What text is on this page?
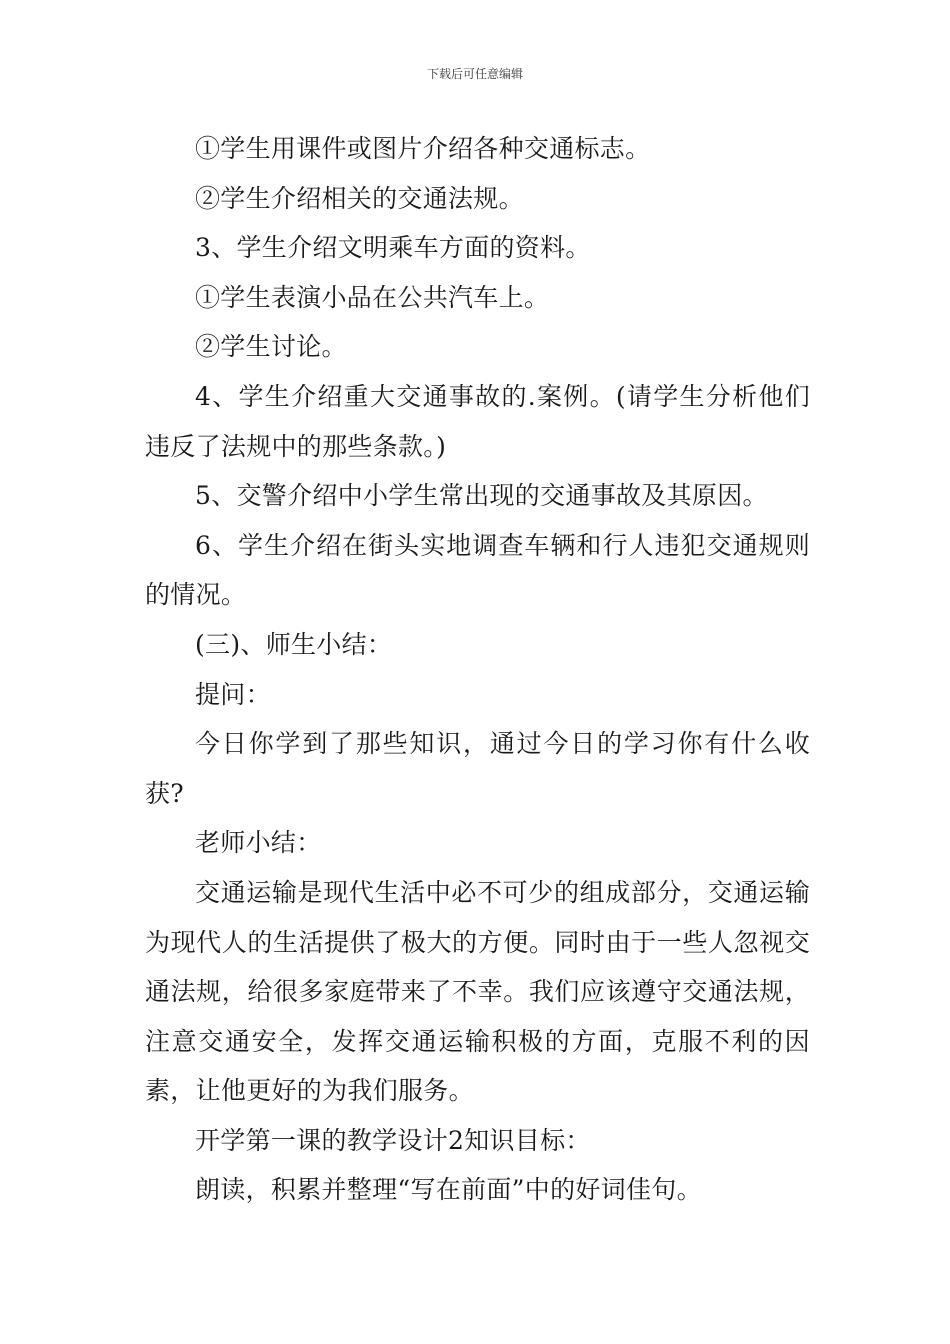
下载后可任意编辑

①学生用课件或图片介绍各种交通标志。

②学生介绍相关的交通法规。

3、学生介绍文明乘车方面的资料。

①学生表演小品在公共汽车上。

②学生讨论。

4、学生介绍重大交通事故的.案例。(请学生分析他们违反了法规中的那些条款。)

5、交警介绍中小学生常出现的交通事故及其原因。

6、学生介绍在街头实地调查车辆和行人违犯交通规则的情况。

(三)、师生小结：

提问：

今日你学到了那些知识，通过今日的学习你有什么收获?

老师小结：

交通运输是现代生活中必不可少的组成部分，交通运输为现代人的生活提供了极大的方便。同时由于一些人忽视交通法规，给很多家庭带来了不幸。我们应该遵守交通法规，注意交通安全，发挥交通运输积极的方面，克服不利的因素，让他更好的为我们服务。

开学第一课的教学设计2知识目标：

朗读，积累并整理“写在前面”中的好词佳句。
